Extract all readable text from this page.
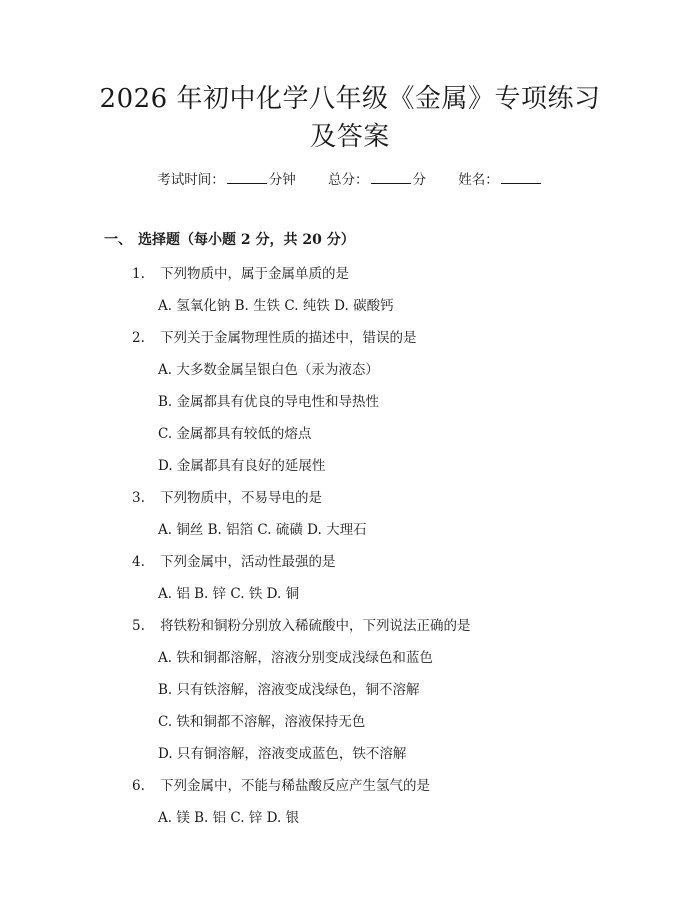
2026 年初中化学八年级《金属》专项练习及答案
考试时间：	分钟 总分：	分 姓名：
一、 选择题（每小题 2 分，共 20 分）
1. 下列物质中，属于金属单质的是
A. 氢氧化钠 B. 生铁 C. 纯铁 D. 碳酸钙
2. 下列关于金属物理性质的描述中，错误的是
A. 大多数金属呈银白色（汞为液态）
B. 金属都具有优良的导电性和导热性
C. 金属都具有较低的熔点
D. 金属都具有良好的延展性
3. 下列物质中，不易导电的是
A. 铜丝 B. 铝箔 C. 硫磺 D. 大理石
4. 下列金属中，活动性最强的是
A. 铝 B. 锌 C. 铁 D. 铜
5. 将铁粉和铜粉分别放入稀硫酸中，下列说法正确的是
A. 铁和铜都溶解，溶液分别变成浅绿色和蓝色
B. 只有铁溶解，溶液变成浅绿色，铜不溶解
C. 铁和铜都不溶解，溶液保持无色
D. 只有铜溶解，溶液变成蓝色，铁不溶解
6. 下列金属中，不能与稀盐酸反应产生氢气的是
A. 镁 B. 铝 C. 锌 D. 银
